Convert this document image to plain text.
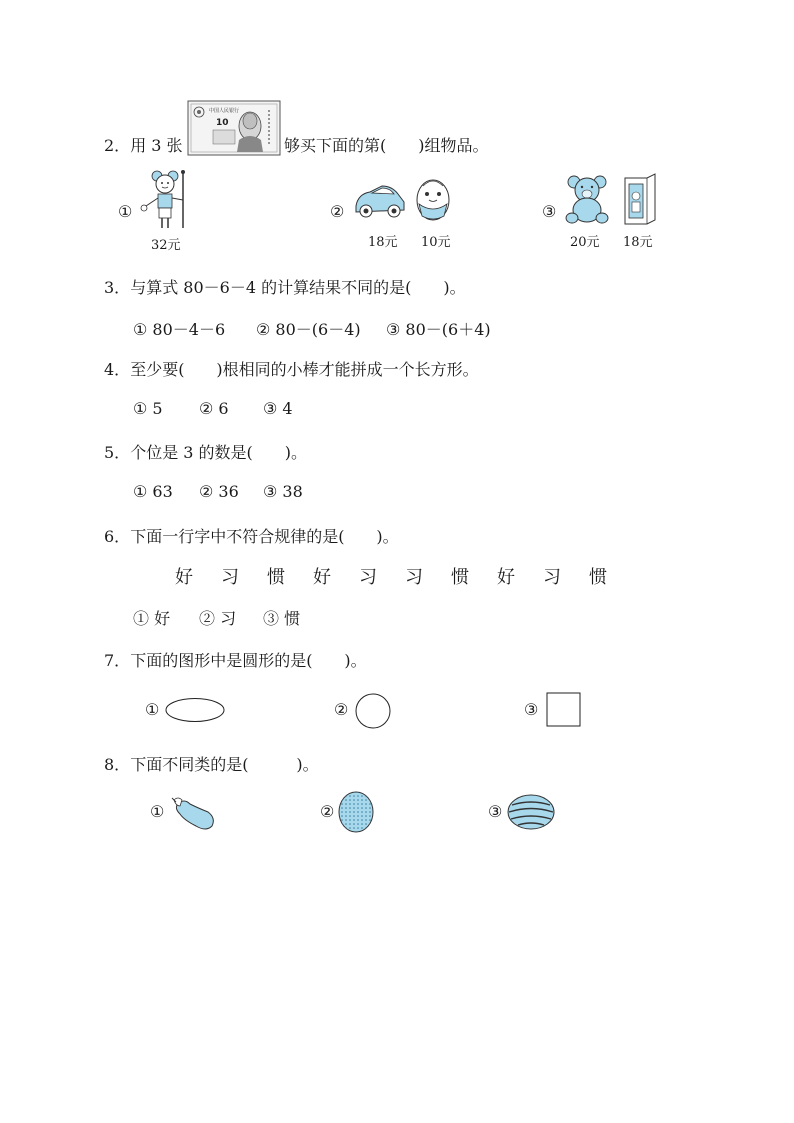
2．用 3 张
中国人民银行
10
够买下面的第(　　)组物品。
①
32元
②
18元 10元
③
20元 18元
3．与算式 80－6－4 的计算结果不同的是(　　)。
① 80－4－6 ② 80－(6－4) ③ 80－(6＋4)
4．至少要(　　)根相同的小棒才能拼成一个长方形。
① 5 ② 6 ③ 4
5．个位是 3 的数是(　　)。
① 63 ② 36 ③ 38
6．下面一行字中不符合规律的是(　　)。
好 习 惯 好 习 习 惯 好 习 惯
① 好 ② 习 ③ 惯
7．下面的图形中是圆形的是(　　)。
①	②	③
8．下面不同类的是(　　　)。
①	②	③
